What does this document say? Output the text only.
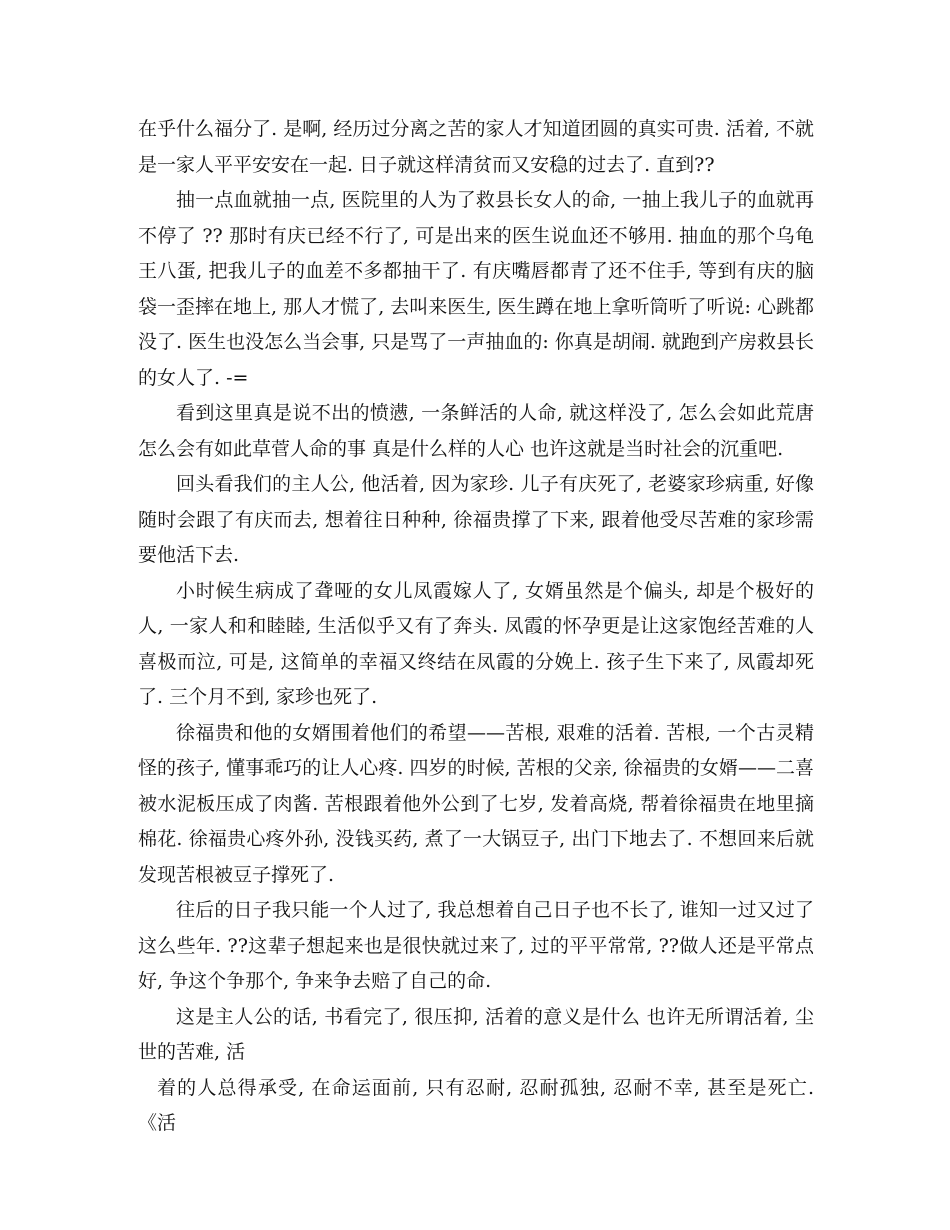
在乎什么福分了. 是啊, 经历过分离之苦的家人才知道团圆的真实可贵. 活着, 不就是一家人平平安安在一起. 日子就这样清贫而又安稳的过去了. 直到??

抽一点血就抽一点, 医院里的人为了救县长女人的命, 一抽上我儿子的血就再不停了 ?? 那时有庆已经不行了, 可是出来的医生说血还不够用. 抽血的那个乌龟王八蛋, 把我儿子的血差不多都抽干了. 有庆嘴唇都青了还不住手, 等到有庆的脑袋一歪摔在地上, 那人才慌了, 去叫来医生, 医生蹲在地上拿听筒听了听说: 心跳都没了. 医生也没怎么当会事, 只是骂了一声抽血的: 你真是胡闹. 就跑到产房救县长的女人了. -=

看到这里真是说不出的愤懑, 一条鲜活的人命, 就这样没了, 怎么会如此荒唐 怎么会有如此草菅人命的事 真是什么样的人心 也许这就是当时社会的沉重吧.

回头看我们的主人公, 他活着, 因为家珍. 儿子有庆死了, 老婆家珍病重, 好像随时会跟了有庆而去, 想着往日种种, 徐福贵撑了下来, 跟着他受尽苦难的家珍需要他活下去.

小时候生病成了聋哑的女儿凤霞嫁人了, 女婿虽然是个偏头, 却是个极好的人, 一家人和和睦睦, 生活似乎又有了奔头. 凤霞的怀孕更是让这家饱经苦难的人喜极而泣, 可是, 这简单的幸福又终结在凤霞的分娩上. 孩子生下来了, 凤霞却死了. 三个月不到, 家珍也死了.

徐福贵和他的女婿围着他们的希望——苦根, 艰难的活着. 苦根, 一个古灵精怪的孩子, 懂事乖巧的让人心疼. 四岁的时候, 苦根的父亲, 徐福贵的女婿——二喜被水泥板压成了肉酱. 苦根跟着他外公到了七岁, 发着高烧, 帮着徐福贵在地里摘棉花. 徐福贵心疼外孙, 没钱买药, 煮了一大锅豆子, 出门下地去了. 不想回来后就发现苦根被豆子撑死了.

往后的日子我只能一个人过了, 我总想着自己日子也不长了, 谁知一过又过了这么些年. ??这辈子想起来也是很快就过来了, 过的平平常常, ??做人还是平常点好, 争这个争那个, 争来争去赔了自己的命.

这是主人公的话, 书看完了, 很压抑, 活着的意义是什么 也许无所谓活着, 尘世的苦难, 活

着的人总得承受, 在命运面前, 只有忍耐, 忍耐孤独, 忍耐不幸, 甚至是死亡. 《活
